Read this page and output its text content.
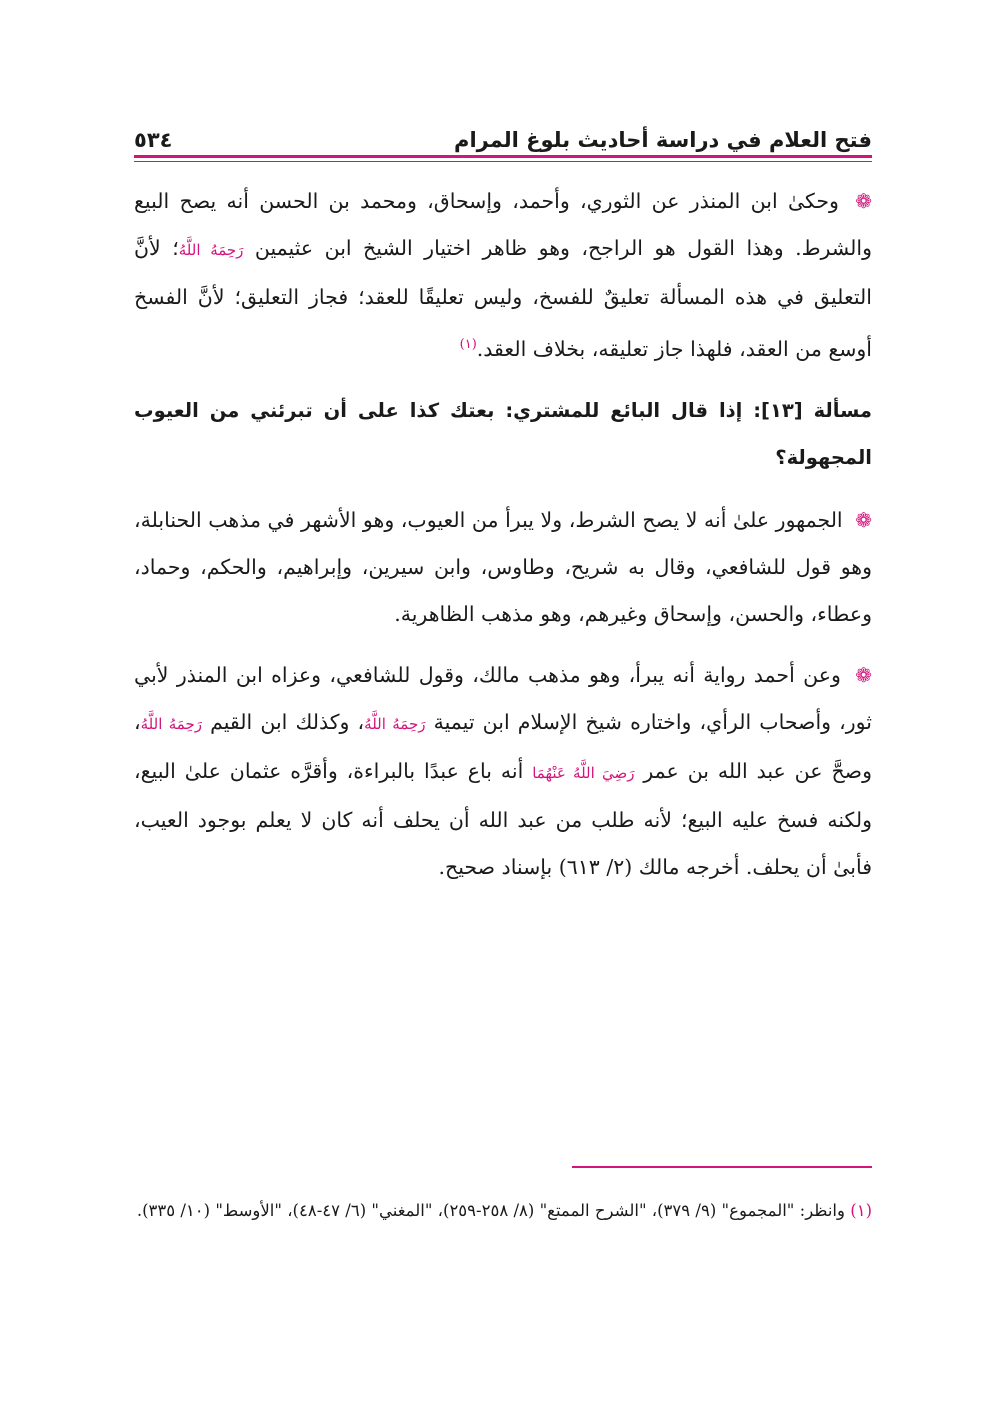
فتح العلام في دراسة أحاديث بلوغ المرام
٥٣٤

❁ وحكىٰ ابن المنذر عن الثوري، وأحمد، وإسحاق، ومحمد بن الحسن أنه يصح البيع والشرط. وهذا القول هو الراجح، وهو ظاهر اختيار الشيخ ابن عثيمين رَحِمَهُ اللَّهُ؛ لأنَّ التعليق في هذه المسألة تعليقٌ للفسخ، وليس تعليقًا للعقد؛ فجاز التعليق؛ لأنَّ الفسخ أوسع من العقد، فلهذا جاز تعليقه، بخلاف العقد.$^{(١)}$

مسألة [١٣]: إذا قال البائع للمشتري: بعتك كذا على أن تبرئني من العيوب المجهولة؟

❁ الجمهور علىٰ أنه لا يصح الشرط، ولا يبرأ من العيوب، وهو الأشهر في مذهب الحنابلة، وهو قول للشافعي، وقال به شريح، وطاوس، وابن سيرين، وإبراهيم، والحكم، وحماد، وعطاء، والحسن، وإسحاق وغيرهم، وهو مذهب الظاهرية.

❁ وعن أحمد رواية أنه يبرأ، وهو مذهب مالك، وقول للشافعي، وعزاه ابن المنذر لأبي ثور، وأصحاب الرأي، واختاره شيخ الإسلام ابن تيمية رَحِمَهُ اللَّهُ، وكذلك ابن القيم رَحِمَهُ اللَّهُ، وصحَّ عن عبد الله بن عمر رَضِيَ اللَّهُ عَنْهُمَا أنه باع عبدًا بالبراءة، وأقرَّه عثمان علىٰ البيع، ولكنه فسخ عليه البيع؛ لأنه طلب من عبد الله أن يحلف أنه كان لا يعلم بوجود العيب، فأبىٰ أن يحلف. أخرجه مالك (٢/ ٦١٣) بإسناد صحيح.

(١) وانظر: "المجموع" (٩/ ٣٧٩)، "الشرح الممتع" (٨/ ٢٥٨-٢٥٩)، "المغني" (٦/ ٤٧-٤٨)، "الأوسط" (١٠/ ٣٣٥).
